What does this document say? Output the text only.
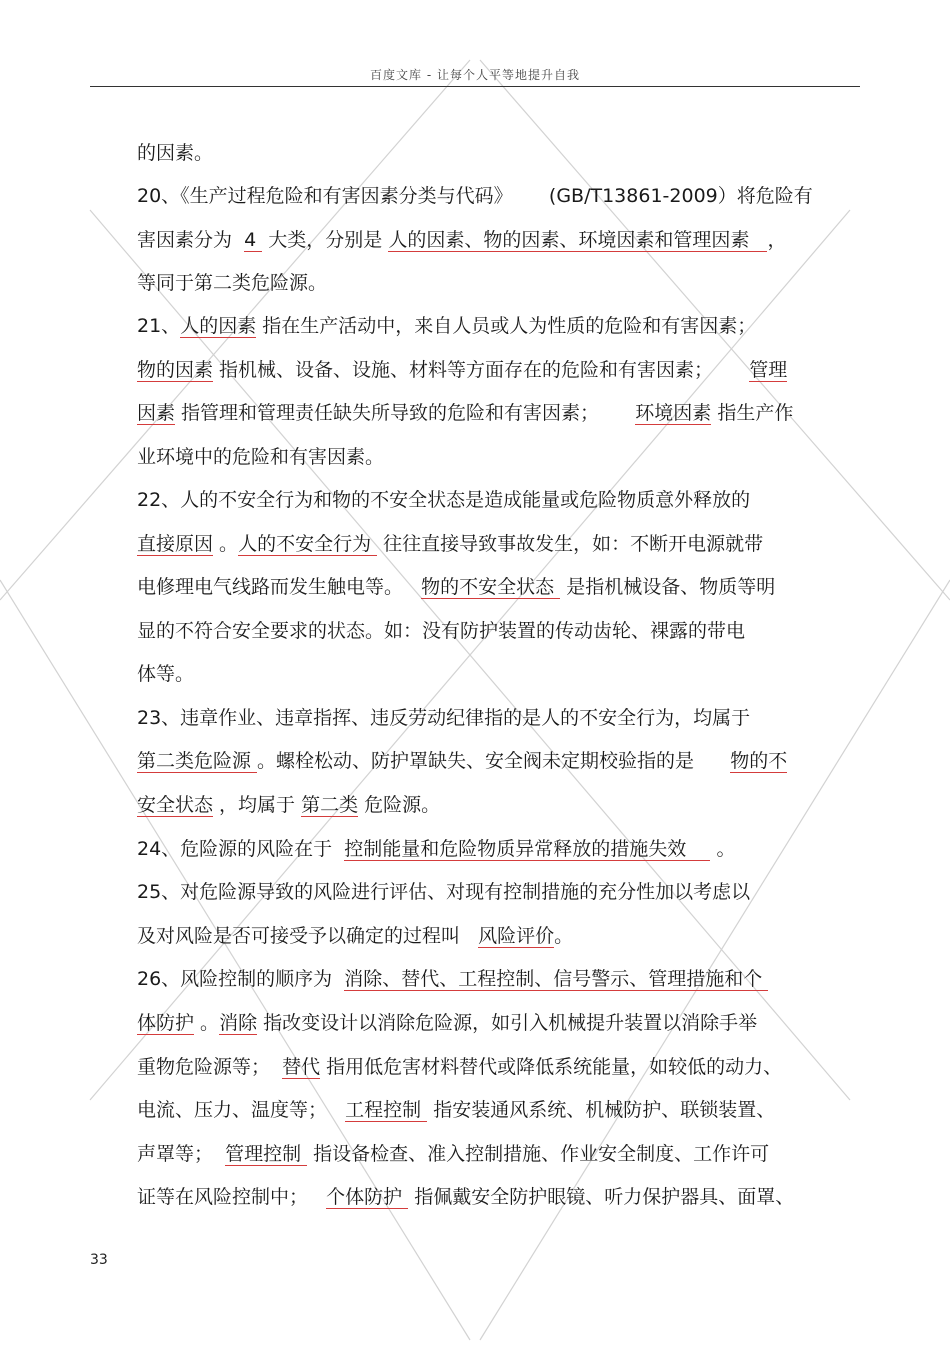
百度文库 - 让每个人平等地提升自我
的因素。
20、《生产过程危险和有害因素分类与代码》      (GB/T13861-2009）将危险有
害因素分为  4  大类，分别是 人的因素、物的因素、环境因素和管理因素   ，
等同于第二类危险源。
21、人的因素 指在生产活动中，来自人员或人为性质的危险和有害因素；
物的因素 指机械、设备、设施、材料等方面存在的危险和有害因素；      管理
因素 指管理和管理责任缺失所导致的危险和有害因素；      环境因素 指生产作
业环境中的危险和有害因素。
22、人的不安全行为和物的不安全状态是造成能量或危险物质意外释放的
直接原因 。人的不安全行为  往往直接导致事故发生，如：不断开电源就带
电修理电气线路而发生触电等。   物的不安全状态  是指机械设备、物质等明
显的不符合安全要求的状态。如：没有防护装置的传动齿轮、裸露的带电
体等。
23、违章作业、违章指挥、违反劳动纪律指的是人的不安全行为，均属于
第二类危险源 。螺栓松动、防护罩缺失、安全阀未定期校验指的是      物的不
安全状态 ，均属于 第二类 危险源。
24、危险源的风险在于  控制能量和危险物质异常释放的措施失效     。
25、对危险源导致的风险进行评估、对现有控制措施的充分性加以考虑以
及对风险是否可接受予以确定的过程叫   风险评价。
26、风险控制的顺序为  消除、替代、工程控制、信号警示、管理措施和个
体防护 。消除 指改变设计以消除危险源，如引入机械提升装置以消除手举
重物危险源等；  替代 指用低危害材料替代或降低系统能量，如较低的动力、
电流、压力、温度等；   工程控制  指安装通风系统、机械防护、联锁装置、
声罩等；  管理控制  指设备检查、准入控制措施、作业安全制度、工作许可
证等在风险控制中；   个体防护  指佩戴安全防护眼镜、听力保护器具、面罩、
33
